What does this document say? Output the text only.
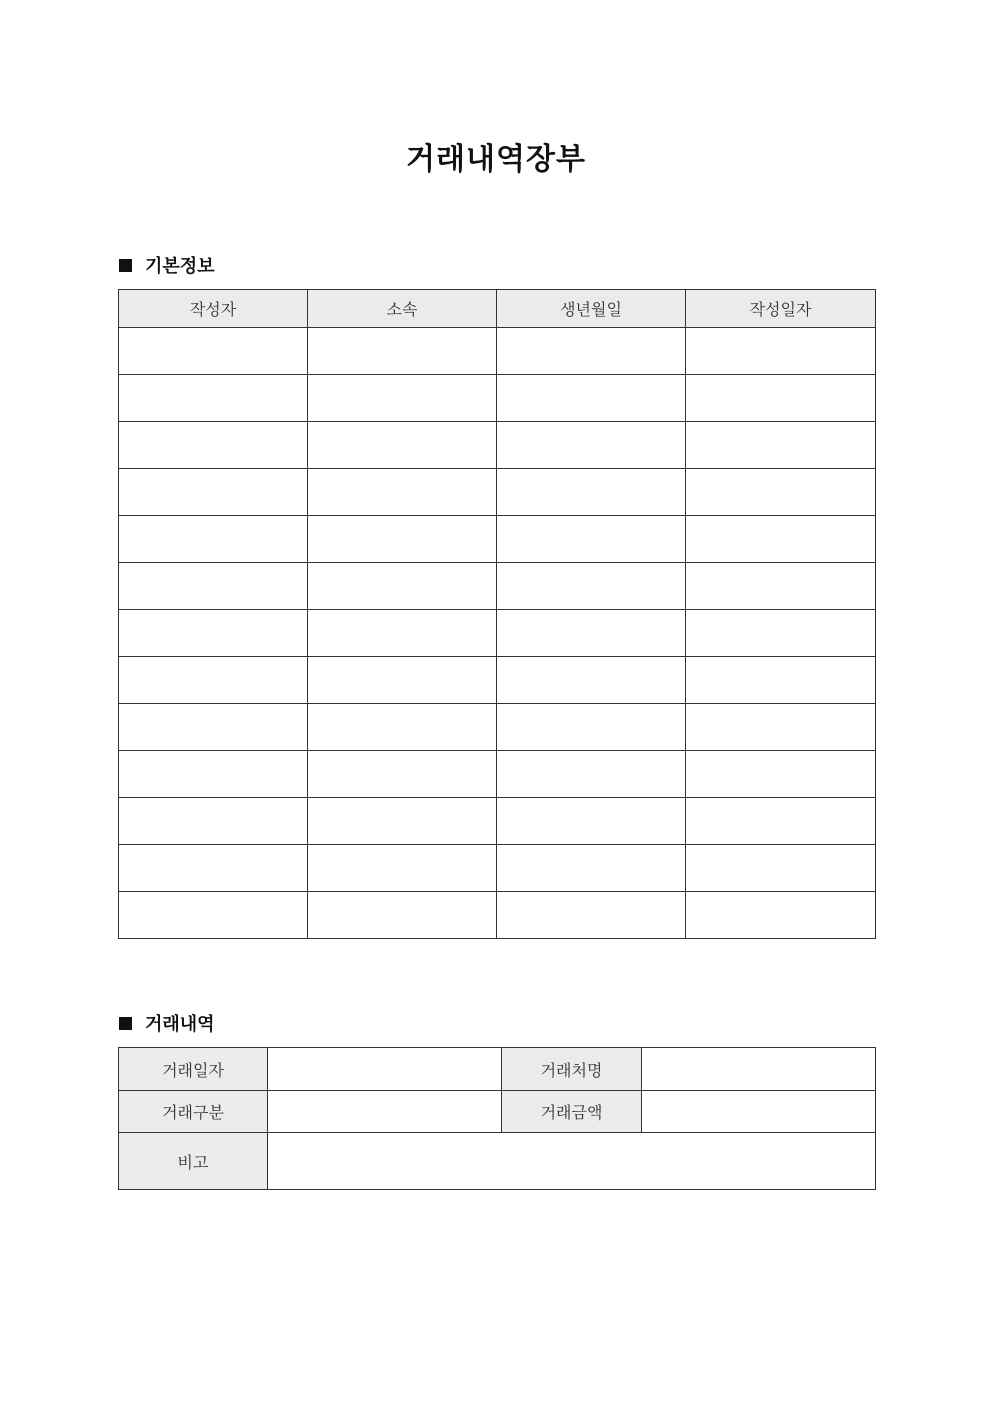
거래내역장부
기본정보
작성자	소속	생년월일	작성일자

거래내역
거래일자		거래처명	
거래구분		거래금액	
비고			
